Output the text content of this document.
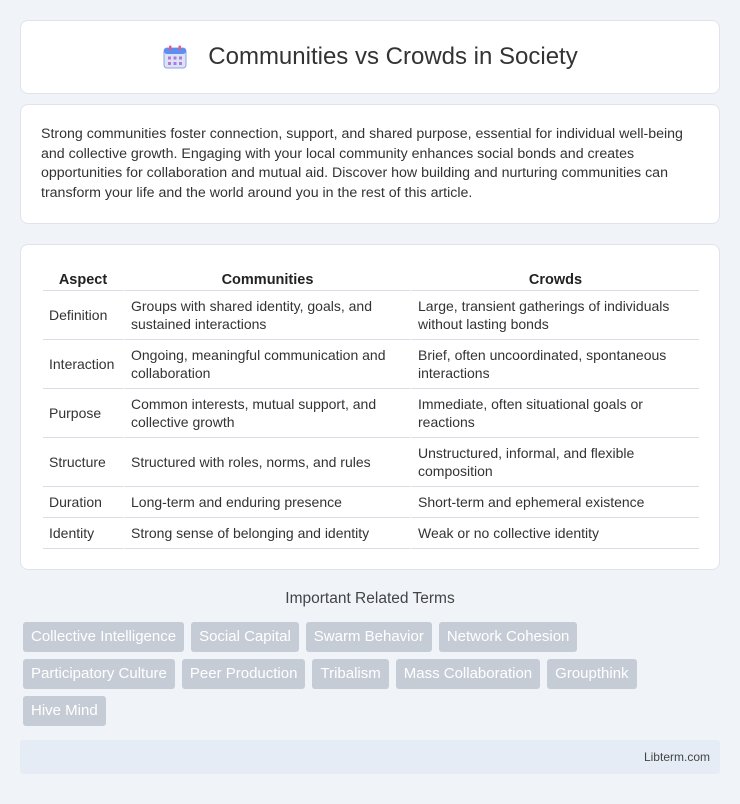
Communities vs Crowds in Society

Strong communities foster connection, support, and shared purpose, essential for individual well-being and collective growth. Engaging with your local community enhances social bonds and creates opportunities for collaboration and mutual aid. Discover how building and nurturing communities can transform your life and the world around you in the rest of this article.

Aspect	Communities	Crowds
Definition	Groups with shared identity, goals, and sustained interactions	Large, transient gatherings of individuals without lasting bonds
Interaction	Ongoing, meaningful communication and collaboration	Brief, often uncoordinated, spontaneous interactions
Purpose	Common interests, mutual support, and collective growth	Immediate, often situational goals or reactions
Structure	Structured with roles, norms, and rules	Unstructured, informal, and flexible composition
Duration	Long-term and enduring presence	Short-term and ephemeral existence
Identity	Strong sense of belonging and identity	Weak or no collective identity
Important Related Terms
Collective Intelligence	Social Capital	Swarm Behavior	Network Cohesion
Participatory Culture	Peer Production	Tribalism	Mass Collaboration	Groupthink
Hive Mind
Libterm.com
